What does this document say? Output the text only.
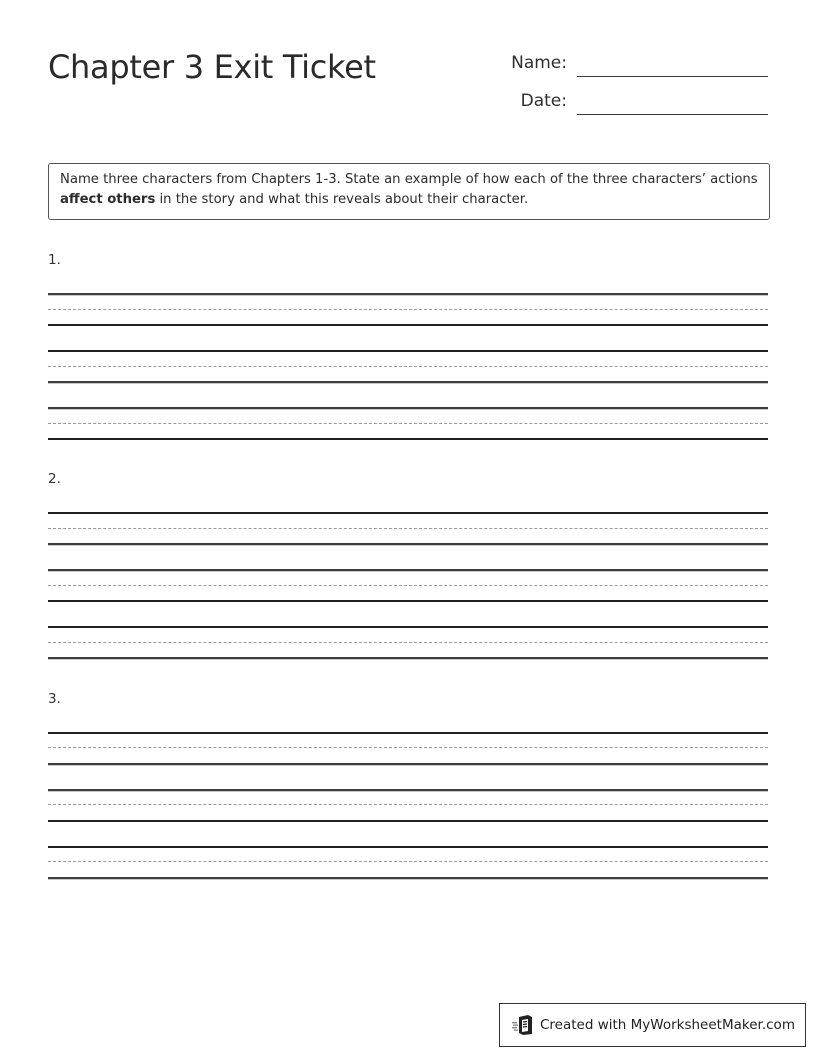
Chapter 3 Exit Ticket	Name:
Date:
Name three characters from Chapters 1-3. State an example of how each of the three characters’ actions affect others in the story and what this reveals about their character.
1.
2.
3.
Created with MyWorksheetMaker.com
